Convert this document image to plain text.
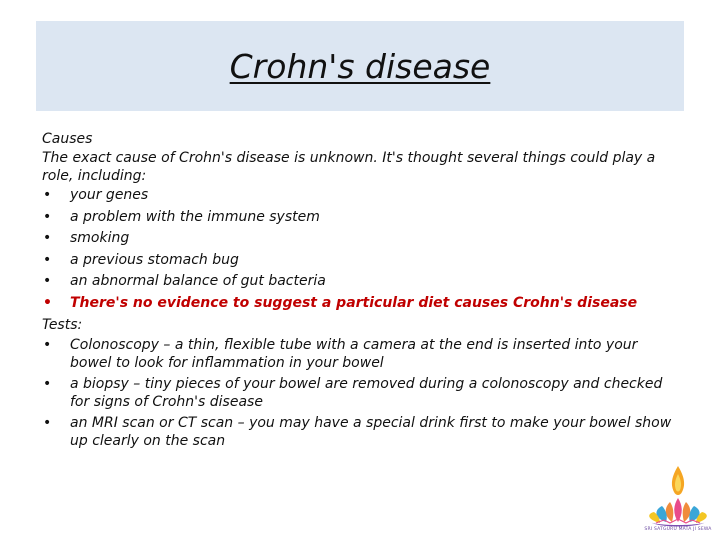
Crohn's disease

Causes

The exact cause of Crohn's disease is unknown. It's thought several things could play a role, including:

• your genes
• a problem with the immune system
• smoking
• a previous stomach bug
• an abnormal balance of gut bacteria
• There's no evidence to suggest a particular diet causes Crohn's disease

Tests:

• Colonoscopy – a thin, flexible tube with a camera at the end is inserted into your bowel to look for inflammation in your bowel
• a biopsy – tiny pieces of your bowel are removed during a colonoscopy and checked for signs of Crohn's disease
• an MRI scan or CT scan – you may have a special drink first to make your bowel show up clearly on the scan
SRI SATGURU MATA JI SEWA
